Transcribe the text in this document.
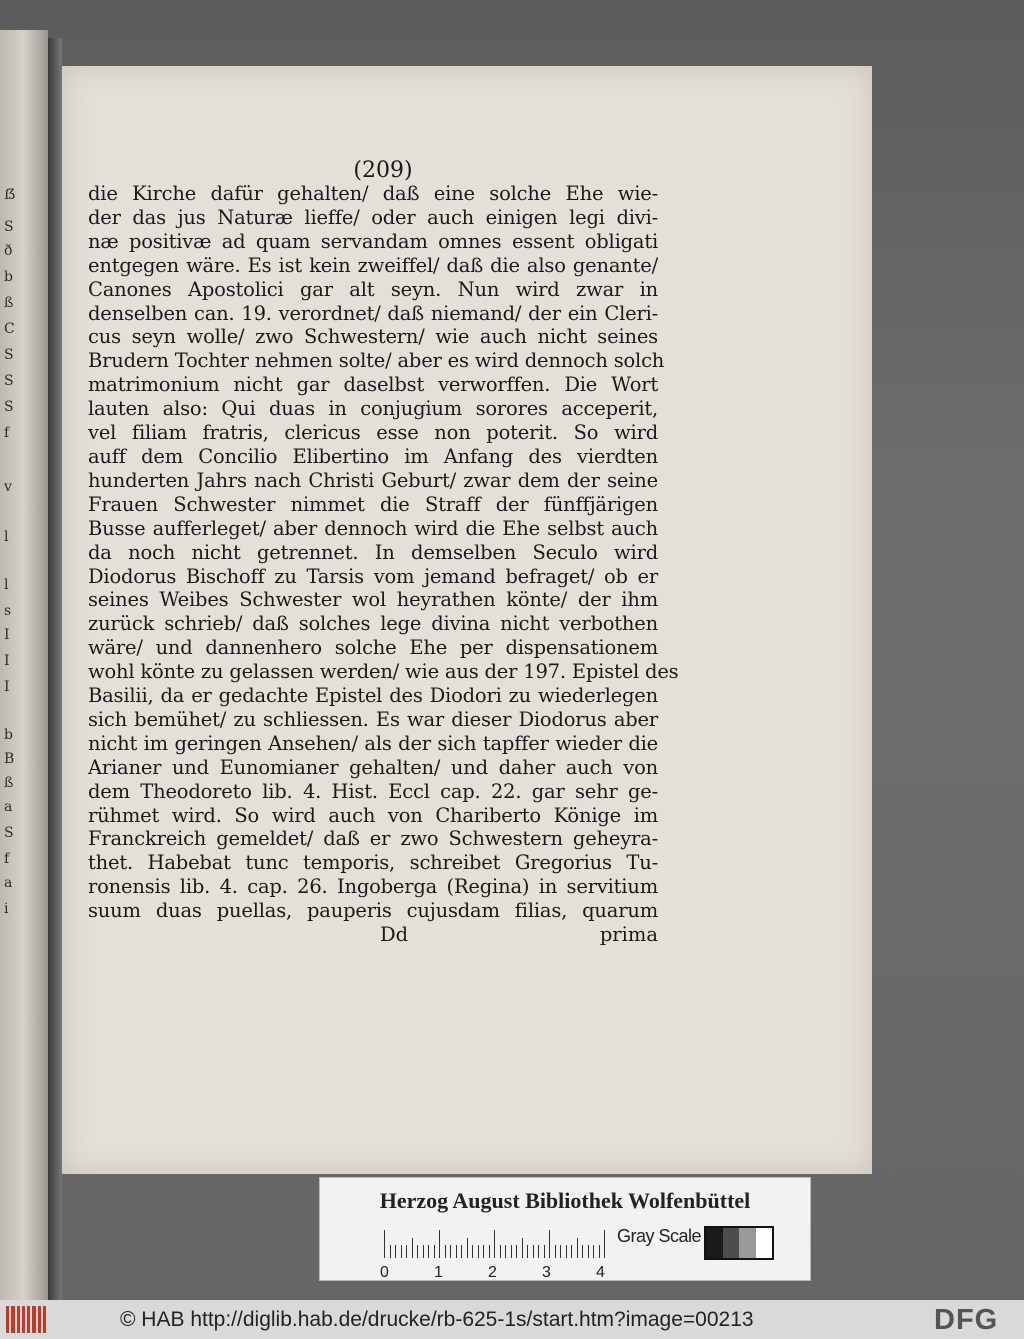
ẞ
S
ð
b
ß
C
S
S
S
f
v
l
l
s
I
I
I
b
B
ß
a
S
f
a
i
(209)
die Kirche dafür gehalten/ daß eine solche Ehe wie-
der das jus Naturæ lieffe/ oder auch einigen legi divi-
næ positivæ ad quam servandam omnes essent obligati
entgegen wäre. Es ist kein zweiffel/ daß die also genante/
Canones Apostolici gar alt seyn. Nun wird zwar in
denselben can. 19. verordnet/ daß niemand/ der ein Cleri-
cus seyn wolle/ zwo Schwestern/ wie auch nicht seines
Brudern Tochter nehmen solte/ aber es wird dennoch solch
matrimonium nicht gar daselbst verworffen. Die Wort
lauten also: Qui duas in conjugium sorores acceperit,
vel filiam fratris, clericus esse non poterit. So wird
auff dem Concilio Elibertino im Anfang des vierdten
hunderten Jahrs nach Christi Geburt/ zwar dem der seine
Frauen Schwester nimmet die Straff der fünffjärigen
Busse aufferleget/ aber dennoch wird die Ehe selbst auch
da noch nicht getrennet. In demselben Seculo wird
Diodorus Bischoff zu Tarsis vom jemand befraget/ ob er
seines Weibes Schwester wol heyrathen könte/ der ihm
zurück schrieb/ daß solches lege divina nicht verbothen
wäre/ und dannenhero solche Ehe per dispensationem
wohl könte zu gelassen werden/ wie aus der 197. Epistel des
Basilii, da er gedachte Epistel des Diodori zu wiederlegen
sich bemühet/ zu schliessen. Es war dieser Diodorus aber
nicht im geringen Ansehen/ als der sich tapffer wieder die
Arianer und Eunomianer gehalten/ und daher auch von
dem Theodoreto lib. 4. Hist. Eccl cap. 22. gar sehr ge-
rühmet wird. So wird auch von Chariberto Könige im
Franckreich gemeldet/ daß er zwo Schwestern geheyra-
thet. Habebat tunc temporis, schreibet Gregorius Tu-
ronensis lib. 4. cap. 26. Ingoberga (Regina) in servitium
suum duas puellas, pauperis cujusdam filias, quarum
Dd	prima
Herzog August Bibliothek Wolfenbüttel
0	1	2	3	4
Gray Scale
© HAB http://diglib.hab.de/drucke/rb-625-1s/start.htm?image=00213	DFG
